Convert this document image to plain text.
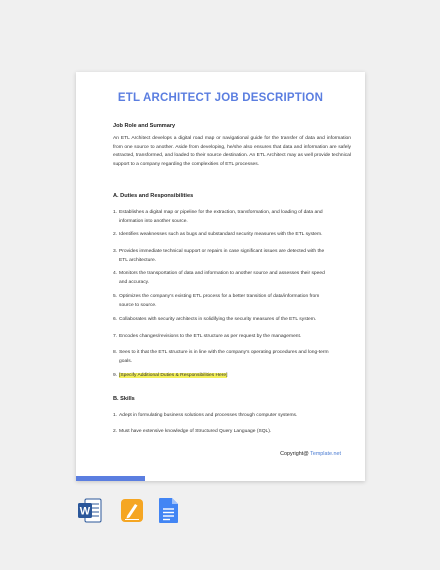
ETL ARCHITECT JOB DESCRIPTION
Job Role and Summary
An ETL Architect develops a digital road map or navigational guide for the transfer of data and information from one source to another. Aside from developing, he/she also ensures that data and information are safely extracted, transformed, and loaded to their source destination. An ETL Architect may as well provide technical support to a company regarding the complexities of ETL processes.
A. Duties and Responsibilities
1. Establishes a digital map or pipeline for the extraction, transformation, and loading of data and
information into another source.
2. Identifies weaknesses such as bugs and substandard security measures with the ETL system.
3. Provides immediate technical support or repairs in case significant issues are detected with the
ETL architecture.
4. Monitors the transportation of data and information to another source and assesses their speed
and accuracy.
5. Optimizes the company’s existing ETL process for a better transition of data/information from
source to source.
6. Collaborates with security architects in solidifying the security measures of the ETL system.
7. Encodes changes/revisions to the ETL structure as per request by the management.
8. Sees to it that the ETL structure is in line with the company’s operating procedures and long-term
goals.
9. [Specify Additional Duties & Responsibilities Here]
B. Skills
1. Adept in formulating business solutions and processes through computer systems.
2. Must have extensive knowledge of Structured Query Language (SQL).
Copyright@ Template.net
W
